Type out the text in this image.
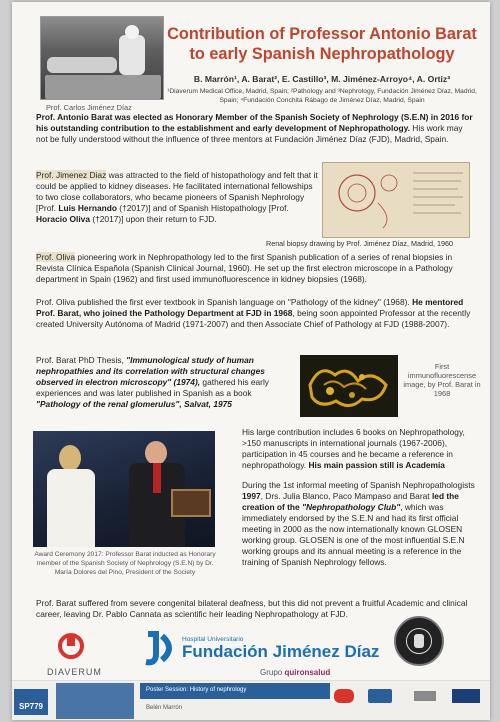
Prof. Carlos Jiménez Díaz
Contribution of Professor Antonio Barat
to early Spanish Nephropathology
B. Marrón¹, A. Barat², E. Castillo³, M. Jiménez-Arroyo⁴, A. Ortiz³
¹Diaverum Medical Office, Madrid, Spain; ²Pathology and ³Nephrology, Fundación Jiménez Díaz, Madrid, Spain; ⁴Fundación Conchita Rábago de Jiménez Díaz, Madrid, Spain
Prof. Antonio Barat was elected as Honorary Member of the Spanish Society of Nephrology (S.E.N) in 2016 for his outstanding contribution to the establishment and early development of Nephropathology. His work may not be fully understood without the influence of three mentors at Fundación Jiménez Díaz (FJD), Madrid, Spain.
Prof. Jimenez Diaz was attracted to the field of histopathology and felt that it could be applied to kidney diseases. He facilitated international fellowships to two close collaborators, who became pioneers of Spanish Nephrology [Prof. Luis Hernando (†2017)] and of Spanish Histopathology [Prof. Horacio Oliva (†2017)] upon their return to FJD.
Renal biopsy drawing by Prof. Jiménez Díaz, Madrid, 1960
Prof. Oliva pioneering work in Nephropathology led to the first Spanish publication of a series of renal biopsies in Revista Clínica Española (Spanish Clinical Journal, 1960). He set up the first electron microscope in a Pathology department in Spain (1962) and first used immunofluorescence in kidney biopsies (1968).
Prof. Oliva published the first ever textbook in Spanish language on "Pathology of the kidney" (1968). He mentored Prof. Barat, who joined the Pathology Department at FJD in 1968, being soon appointed Professor at the recently created University Autónoma of Madrid (1971-2007) and then Associate Chief of Pathology at FJD (1988-2007).
Prof. Barat PhD Thesis, "Immunological study of human nephropathies and its correlation with structural changes observed in electron microscopy" (1974), gathered his early experiences and was later published in Spanish as a book "Pathology of the renal glomerulus", Salvat, 1975
First immunofluorescense image, by Prof. Barat in 1968
Award Ceremony 2017: Professor Barat inducted as Honorary member of the Spanish Society of Nephrology (S.E.N) by Dr. María Dolores del Pino, President of the Society
His large contribution includes 6 books on Nephropathology, >150 manuscripts in international journals (1967-2006), participation in 45 courses and he became a reference in nephropathology. His main passion still is Academia
During the 1st informal meeting of Spanish Nephropathologists 1997, Drs. Julia Blanco, Paco Mampaso and Barat led the creation of the "Nephropathology Club", which was immediately endorsed by the S.E.N and had its first official meeting in 2000 as the now internationally known GLOSEN working group. GLOSEN is one of the most influential S.E.N working groups and its annual meeting is a reference in the training of Spanish Nephrology fellows.
Prof. Barat suffered from severe congenital bilateral deafness, but this did not prevent a fruitful Academic and clinical career, leaving Dr. Pablo Cannata as scientific heir leading Nephropathology at FJD.
DIAVERUM
Hospital Universitario
Fundación Jiménez Díaz
Grupo quironsalud
SP779
Poster Session: History of nephrology
Belén Marrón
